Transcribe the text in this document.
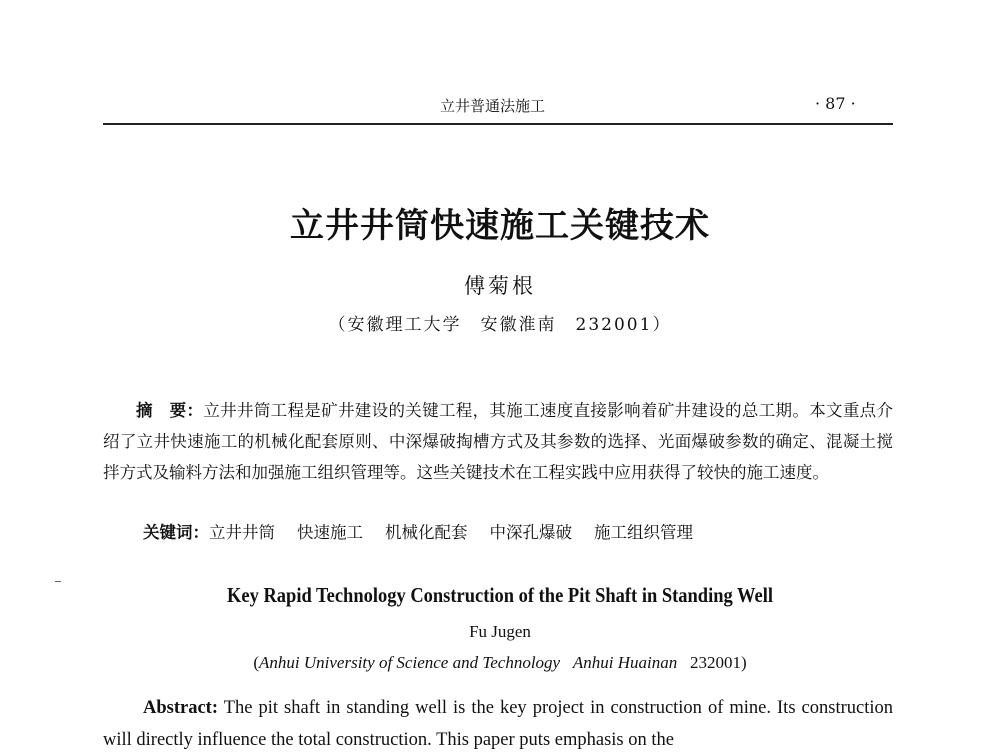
立井普通法施工	· 87 ·
立井井筒快速施工关键技术
傅菊根
（安徽理工大学　安徽淮南　232001）
摘　要：立井井筒工程是矿井建设的关键工程，其施工速度直接影响着矿井建设的总工期。本文重点介绍了立井快速施工的机械化配套原则、中深爆破掏槽方式及其参数的选择、光面爆破参数的确定、混凝土搅拌方式及输料方法和加强施工组织管理等。这些关键技术在工程实践中应用获得了较快的施工速度。
关键词：立井井筒 快速施工 机械化配套 中深孔爆破 施工组织管理
Key Rapid Technology Construction of the Pit Shaft in Standing Well
Fu Jugen
(Anhui University of Science and Technology Anhui Huainan 232001)
Abstract: The pit shaft in standing well is the key project in construction of mine. Its construction will directly influence the total construction. This paper puts emphasis on the
